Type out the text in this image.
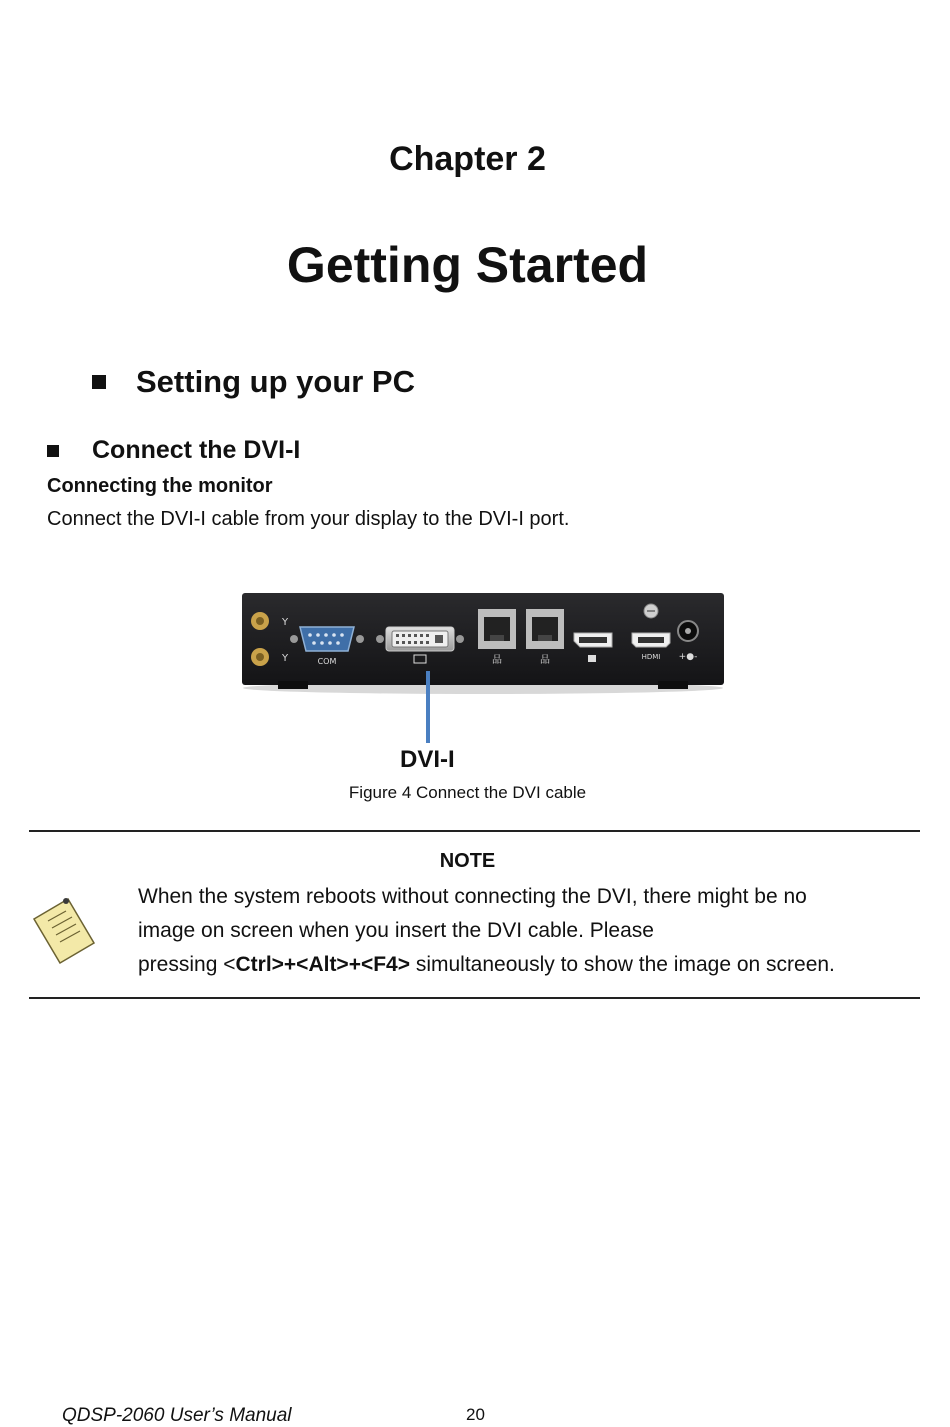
Chapter 2
Getting Started
Setting up your PC
Connect the DVI-I
Connecting the monitor
Connect the DVI-I cable from your display to the DVI-I port.
Y
Y	COM	品	品	HDMI +●-
DVI-I
Figure 4 Connect the DVI cable
NOTE
When the system reboots without connecting the DVI, there might be no
image on screen when you insert the DVI cable. Please
pressing <Ctrl>+<Alt>+<F4> simultaneously to show the image on screen.
QDSP-2060 User’s Manual	20
